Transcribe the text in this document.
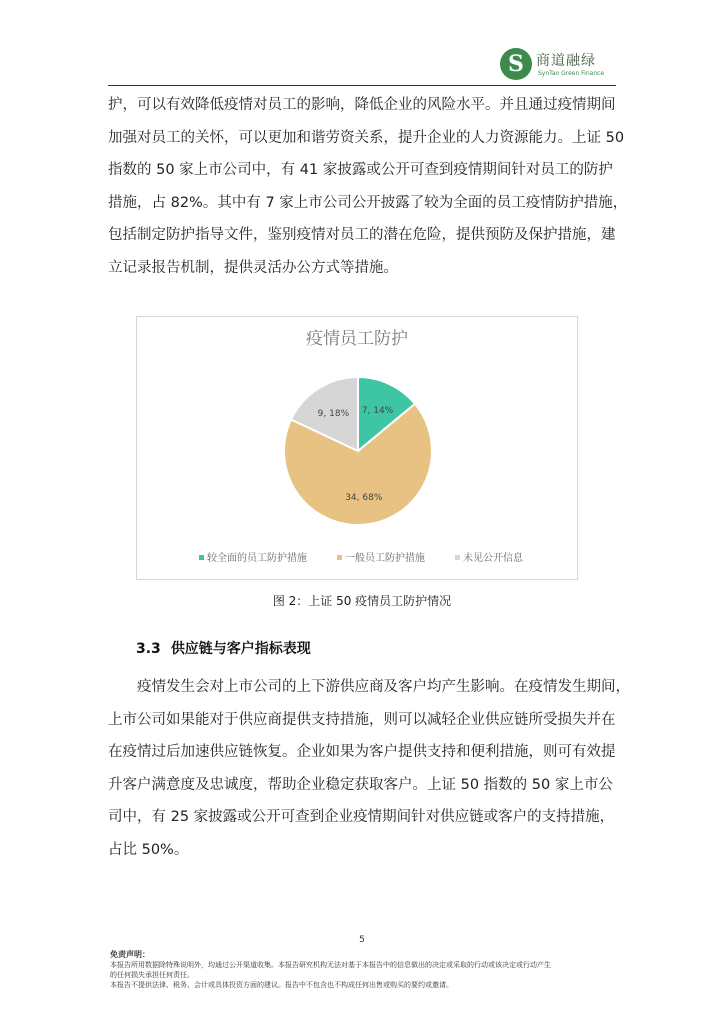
S 商道融绿
SynTao Green Finance
护，可以有效降低疫情对员工的影响，降低企业的风险水平。并且通过疫情期间
加强对员工的关怀，可以更加和谐劳资关系，提升企业的人力资源能力。上证 50
指数的 50 家上市公司中，有 41 家披露或公开可查到疫情期间针对员工的防护
措施，占 82%。其中有 7 家上市公司公开披露了较为全面的员工疫情防护措施，
包括制定防护指导文件，鉴别疫情对员工的潜在危险，提供预防及保护措施，建
立记录报告机制，提供灵活办公方式等措施。
疫情员工防护
7, 14%
34, 68%
9, 18%
较全面的员工防护措施	一般员工防护措施	未见公开信息
图 2：上证 50 疫情员工防护情况
3.3 供应链与客户指标表现
　　疫情发生会对上市公司的上下游供应商及客户均产生影响。在疫情发生期间，
上市公司如果能对于供应商提供支持措施，则可以减轻企业供应链所受损失并在
在疫情过后加速供应链恢复。企业如果为客户提供支持和便利措施，则可有效提
升客户满意度及忠诚度，帮助企业稳定获取客户。上证 50 指数的 50 家上市公
司中，有 25 家披露或公开可查到企业疫情期间针对供应链或客户的支持措施，
占比 50%。
5
免责声明：
本报告所用数据除特殊说明外，均通过公开渠道收集。本报告研究机构无法对基于本报告中的信息做出的决定或采取的行动或该决定或行动产生
的任何损失承担任何责任。
本报告不提供法律、税务、会计或具体投资方面的建议。报告中不包含也不构成任何出售或购买的要约或邀请。
